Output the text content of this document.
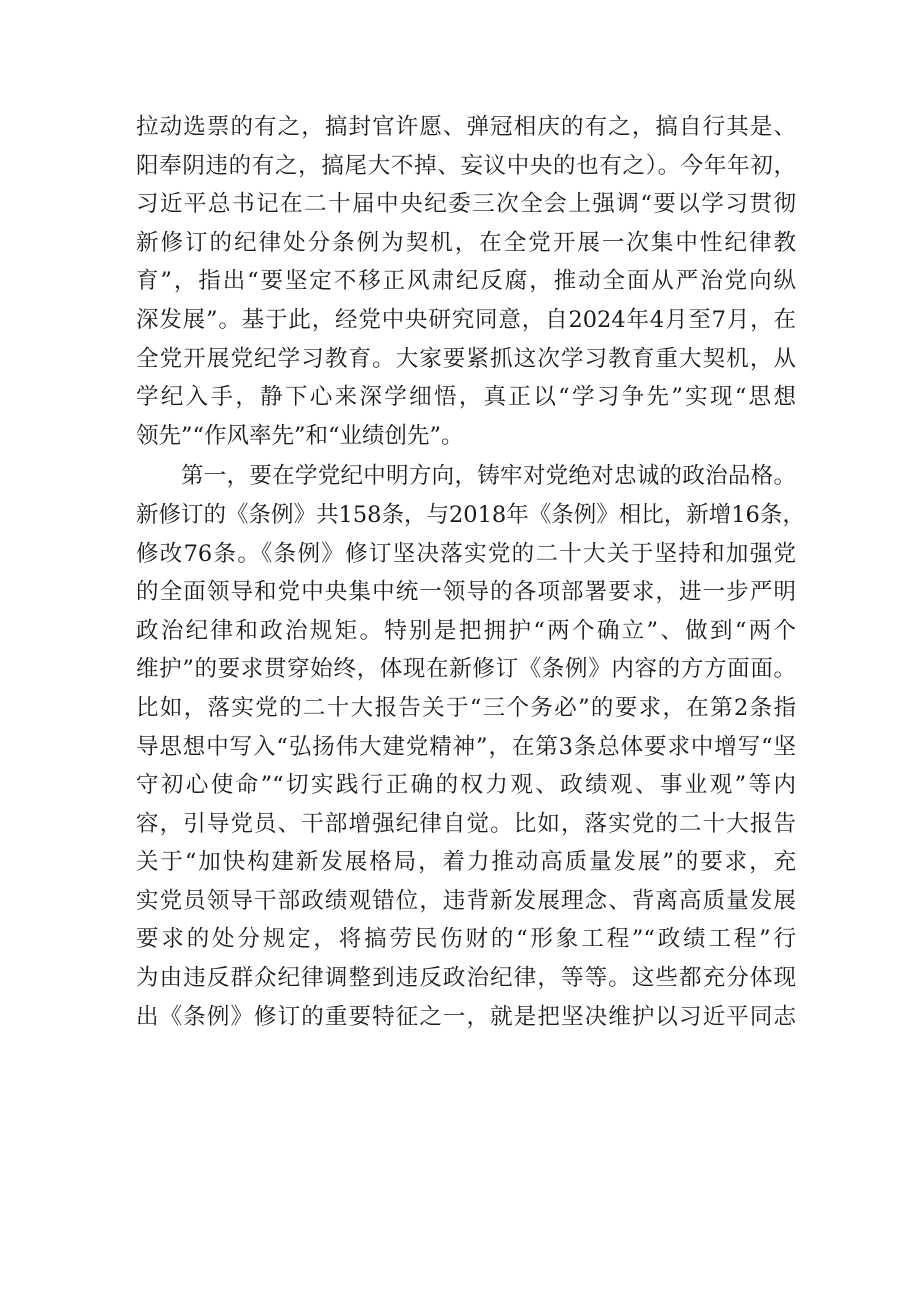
拉动选票的有之，搞封官许愿、弹冠相庆的有之，搞自行其是、
阳奉阴违的有之，搞尾大不掉、妄议中央的也有之）。今年年初，
习近平总书记在二十届中央纪委三次全会上强调“要以学习贯彻
新修订的纪律处分条例为契机，在全党开展一次集中性纪律教
育”，指出“要坚定不移正风肃纪反腐，推动全面从严治党向纵
深发展”。基于此，经党中央研究同意，自2024年4月至7月，在
全党开展党纪学习教育。大家要紧抓这次学习教育重大契机，从
学纪入手，静下心来深学细悟，真正以“学习争先”实现“思想
领先”“作风率先”和“业绩创先”。
第一，要在学党纪中明方向，铸牢对党绝对忠诚的政治品格。
新修订的《条例》共158条，与2018年《条例》相比，新增16条，
修改76条。《条例》修订坚决落实党的二十大关于坚持和加强党
的全面领导和党中央集中统一领导的各项部署要求，进一步严明
政治纪律和政治规矩。特别是把拥护“两个确立”、做到“两个
维护”的要求贯穿始终，体现在新修订《条例》内容的方方面面。
比如，落实党的二十大报告关于“三个务必”的要求，在第2条指
导思想中写入“弘扬伟大建党精神”，在第3条总体要求中增写“坚
守初心使命”“切实践行正确的权力观、政绩观、事业观”等内
容，引导党员、干部增强纪律自觉。比如，落实党的二十大报告
关于“加快构建新发展格局，着力推动高质量发展”的要求，充
实党员领导干部政绩观错位，违背新发展理念、背离高质量发展
要求的处分规定，将搞劳民伤财的“形象工程”“政绩工程”行
为由违反群众纪律调整到违反政治纪律，等等。这些都充分体现
出《条例》修订的重要特征之一，就是把坚决维护以习近平同志
